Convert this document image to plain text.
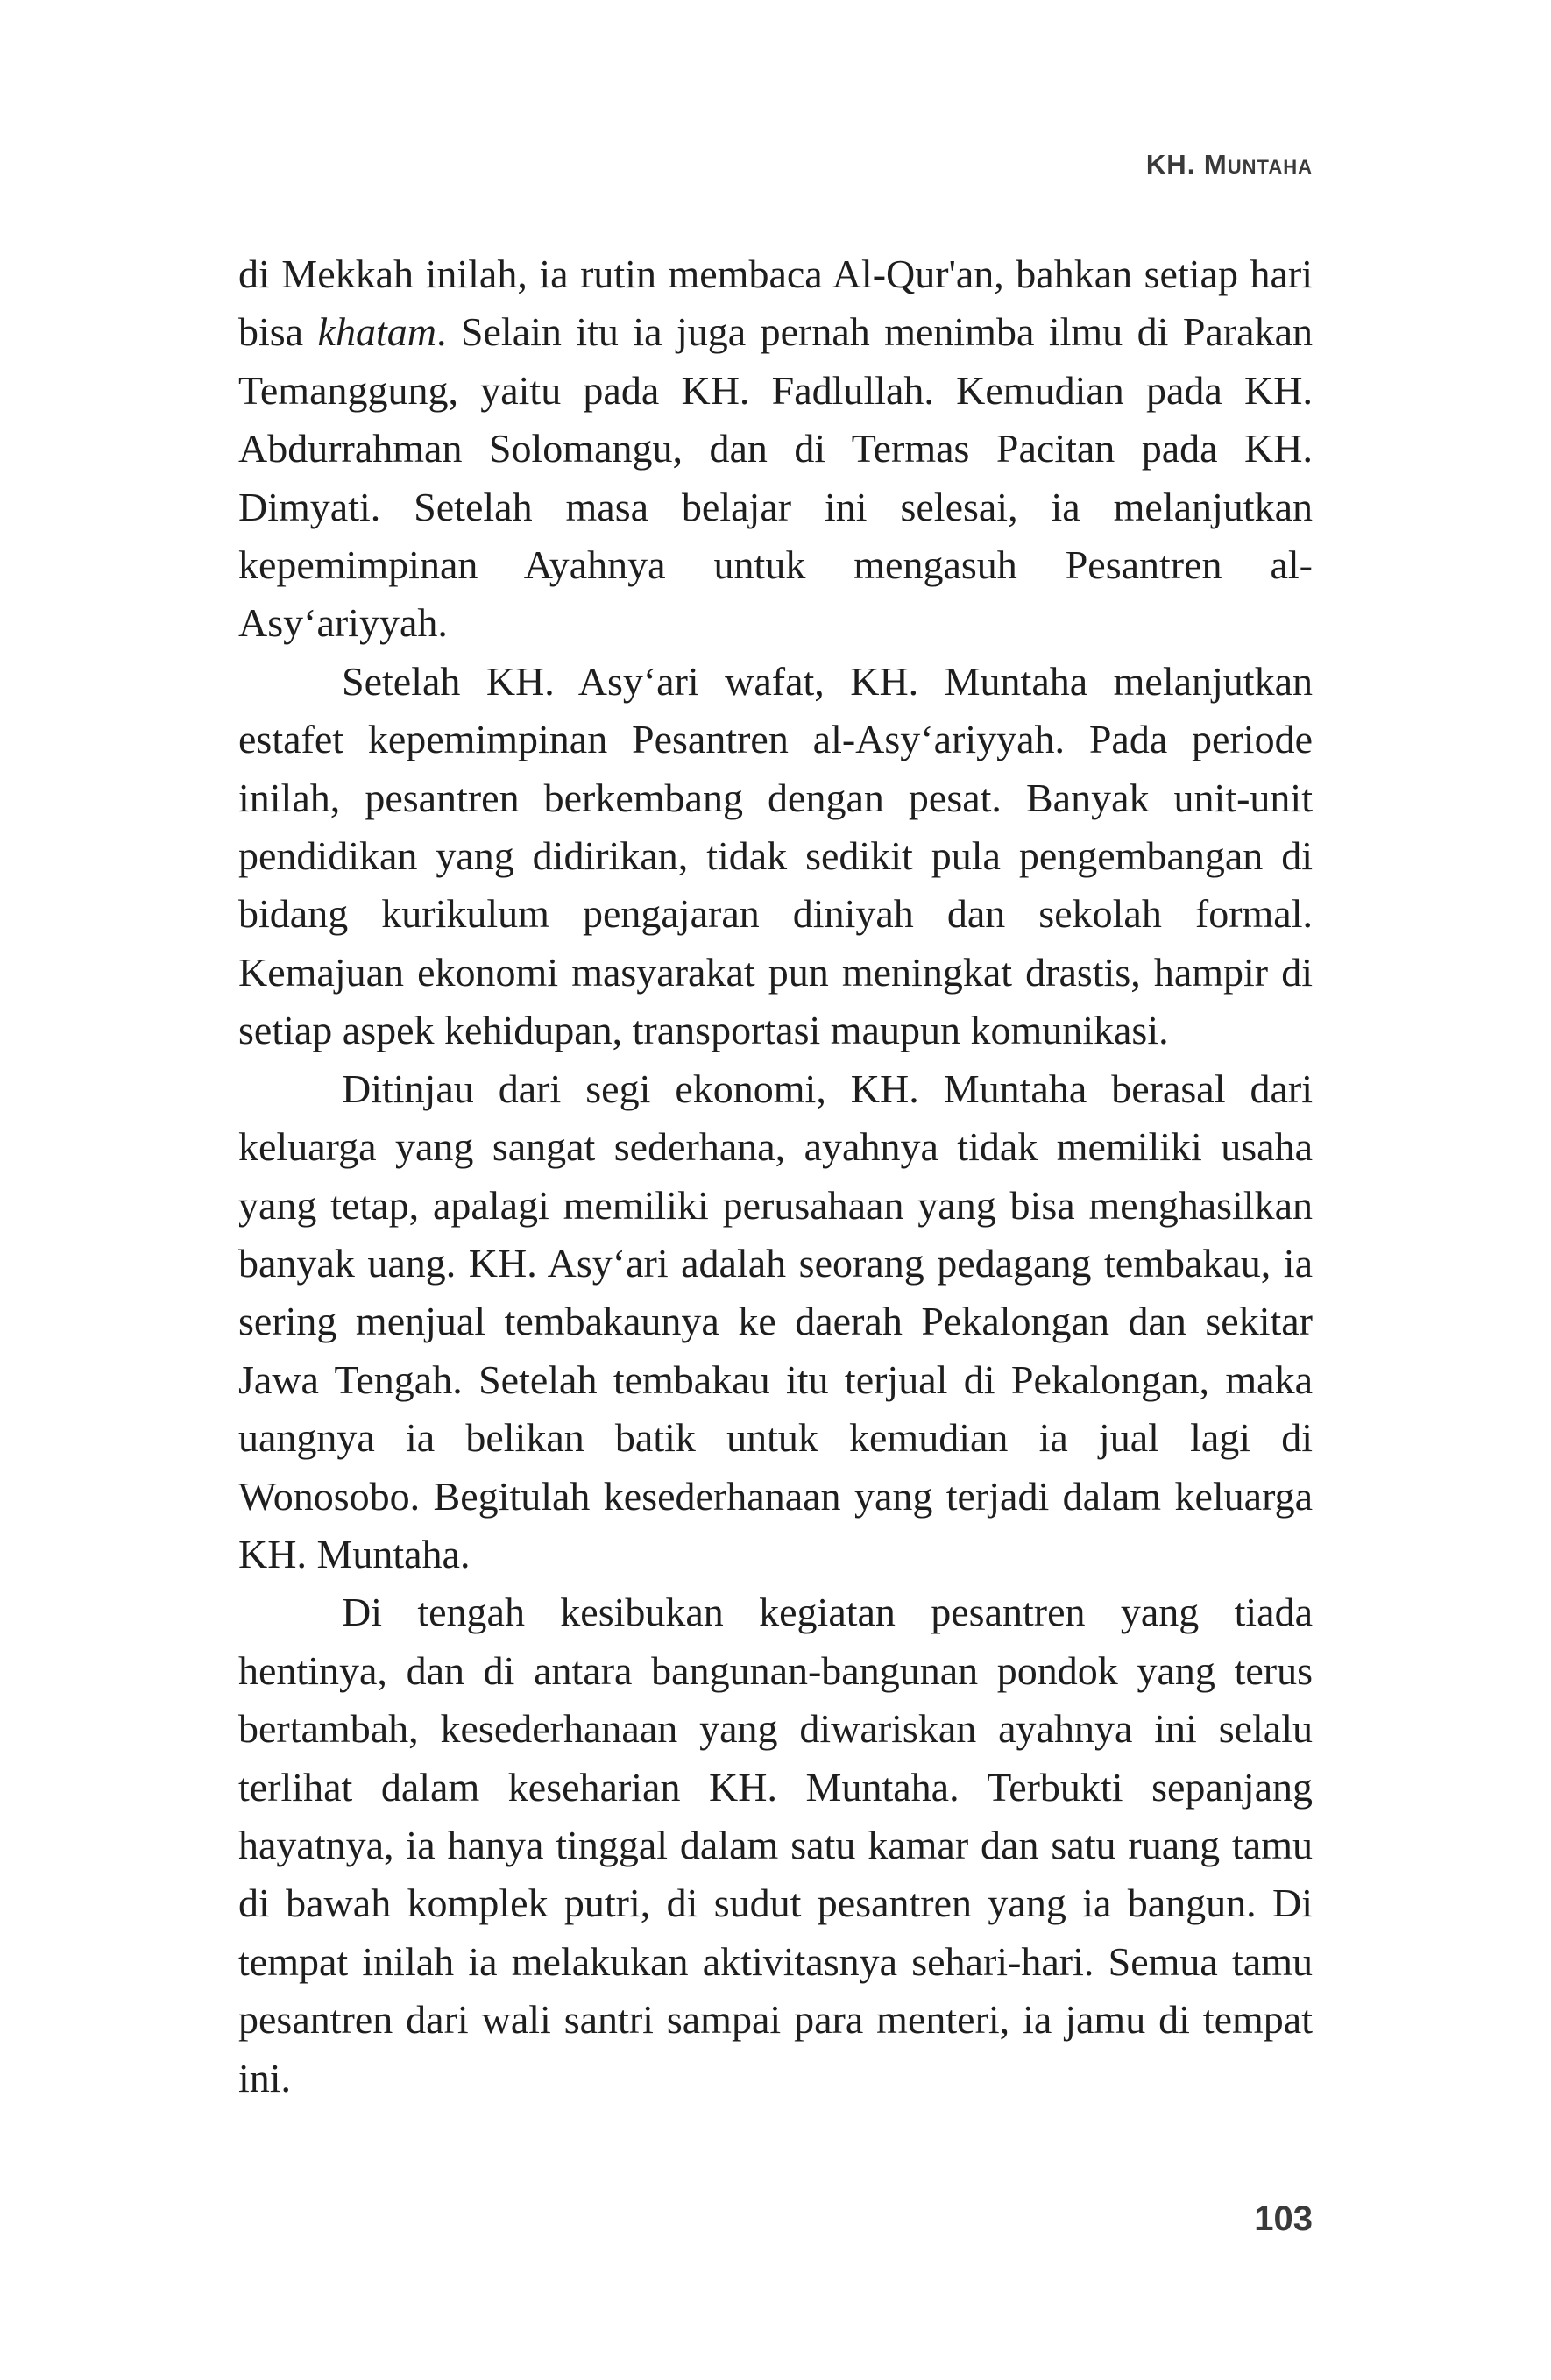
KH. Muntaha

di Mekkah inilah, ia rutin membaca Al-Qur'an, bahkan setiap hari bisa khatam. Selain itu ia juga pernah menimba ilmu di Parakan Temanggung, yaitu pada KH. Fadlullah. Kemudian pada KH. Abdurrahman Solomangu, dan di Termas Pacitan pada KH. Dimyati. Setelah masa belajar ini selesai, ia melanjutkan kepemimpinan Ayahnya untuk mengasuh Pesantren al-Asy‘ariyyah.

Setelah KH. Asy‘ari wafat, KH. Muntaha melanjutkan estafet kepemimpinan Pesantren al-Asy‘ariyyah. Pada periode inilah, pesantren berkembang dengan pesat. Banyak unit-unit pendidikan yang didirikan, tidak sedikit pula pengembangan di bidang kurikulum pengajaran diniyah dan sekolah formal. Kemajuan ekonomi masyarakat pun meningkat drastis, hampir di setiap aspek kehidupan, transportasi maupun komunikasi.

Ditinjau dari segi ekonomi, KH. Muntaha berasal dari keluarga yang sangat sederhana, ayahnya tidak memiliki usaha yang tetap, apalagi memiliki perusahaan yang bisa menghasilkan banyak uang. KH. Asy‘ari adalah seorang pedagang tembakau, ia sering menjual tembakaunya ke daerah Pekalongan dan sekitar Jawa Tengah. Setelah tembakau itu terjual di Pekalongan, maka uangnya ia belikan batik untuk kemudian ia jual lagi di Wonosobo. Begitulah kesederhanaan yang terjadi dalam keluarga KH. Muntaha.

Di tengah kesibukan kegiatan pesantren yang tiada hentinya, dan di antara bangunan-bangunan pondok yang terus bertambah, kesederhanaan yang diwariskan ayahnya ini selalu terlihat dalam keseharian KH. Muntaha. Terbukti sepanjang hayatnya, ia hanya tinggal dalam satu kamar dan satu ruang tamu di bawah komplek putri, di sudut pesantren yang ia bangun. Di tempat inilah ia melakukan aktivitasnya sehari-hari. Semua tamu pesantren dari wali santri sampai para menteri, ia jamu di tempat ini.

103
